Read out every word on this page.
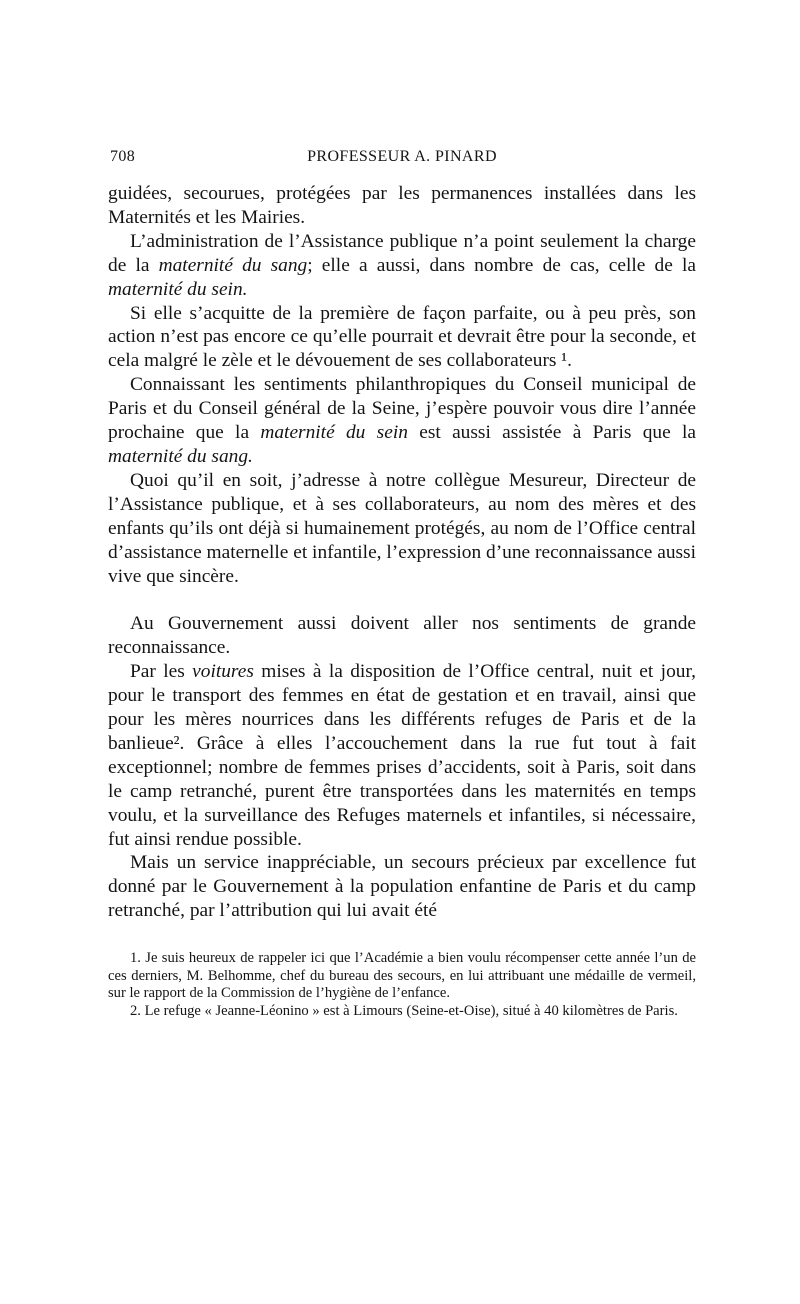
708	PROFESSEUR A. PINARD

guidées, secourues, protégées par les permanences installées dans les Maternités et les Mairies.

L’administration de l’Assistance publique n’a point seulement la charge de la maternité du sang; elle a aussi, dans nombre de cas, celle de la maternité du sein.

Si elle s’acquitte de la première de façon parfaite, ou à peu près, son action n’est pas encore ce qu’elle pourrait et devrait être pour la seconde, et cela malgré le zèle et le dévouement de ses collaborateurs ¹.

Connaissant les sentiments philanthropiques du Conseil municipal de Paris et du Conseil général de la Seine, j’espère pouvoir vous dire l’année prochaine que la maternité du sein est aussi assistée à Paris que la maternité du sang.

Quoi qu’il en soit, j’adresse à notre collègue Mesureur, Directeur de l’Assistance publique, et à ses collaborateurs, au nom des mères et des enfants qu’ils ont déjà si humainement protégés, au nom de l’Office central d’assistance maternelle et infantile, l’expression d’une reconnaissance aussi vive que sincère.

Au Gouvernement aussi doivent aller nos sentiments de grande reconnaissance.

Par les voitures mises à la disposition de l’Office central, nuit et jour, pour le transport des femmes en état de gestation et en travail, ainsi que pour les mères nourrices dans les différents refuges de Paris et de la banlieue². Grâce à elles l’accouchement dans la rue fut tout à fait exceptionnel; nombre de femmes prises d’accidents, soit à Paris, soit dans le camp retranché, purent être transportées dans les maternités en temps voulu, et la surveillance des Refuges maternels et infantiles, si nécessaire, fut ainsi rendue possible.

Mais un service inappréciable, un secours précieux par excellence fut donné par le Gouvernement à la population enfantine de Paris et du camp retranché, par l’attribution qui lui avait été

1. Je suis heureux de rappeler ici que l’Académie a bien voulu récompenser cette année l’un de ces derniers, M. Belhomme, chef du bureau des secours, en lui attribuant une médaille de vermeil, sur le rapport de la Commission de l’hygiène de l’enfance.

2. Le refuge « Jeanne-Léonino » est à Limours (Seine-et-Oise), situé à 40 kilomètres de Paris.
